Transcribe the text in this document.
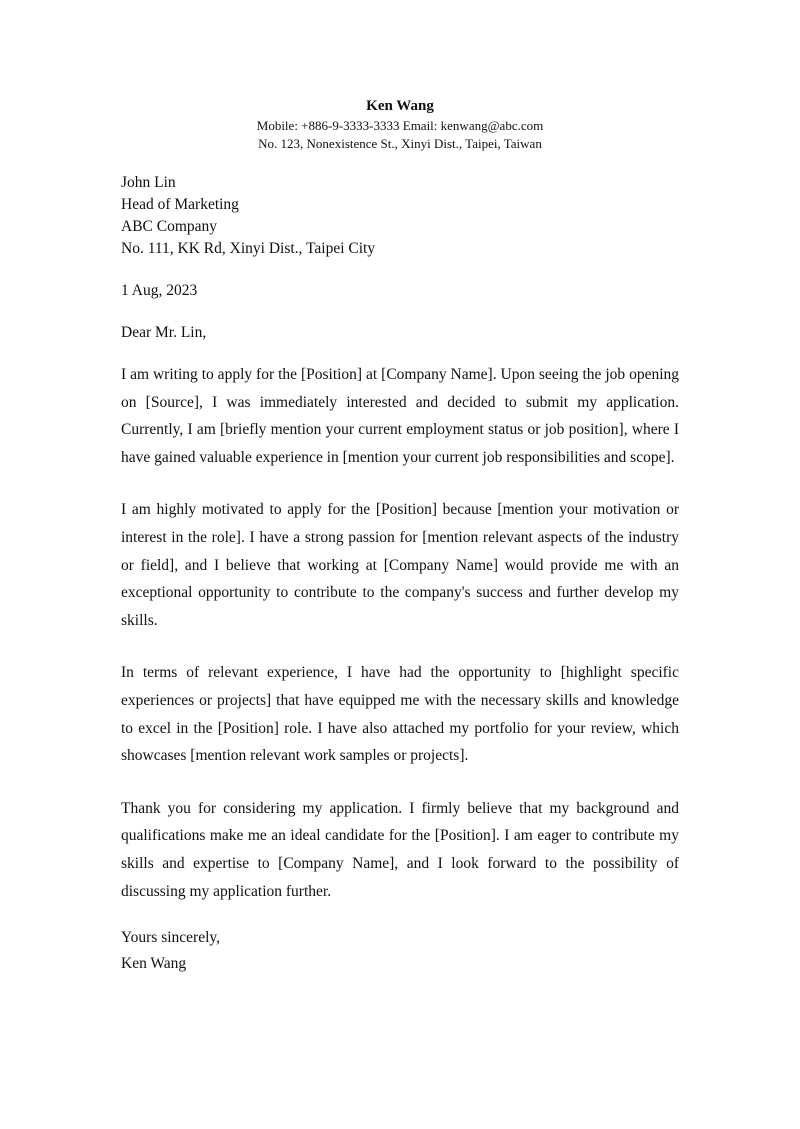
Ken Wang

Mobile: +886-9-3333-3333 Email: kenwang@abc.com

No. 123, Nonexistence St., Xinyi Dist., Taipei, Taiwan

John Lin

Head of Marketing

ABC Company

No. 111, KK Rd, Xinyi Dist., Taipei City

1 Aug, 2023

Dear Mr. Lin,

I am writing to apply for the [Position] at [Company Name]. Upon seeing the job opening on [Source], I was immediately interested and decided to submit my application. Currently, I am [briefly mention your current employment status or job position], where I have gained valuable experience in [mention your current job responsibilities and scope].

I am highly motivated to apply for the [Position] because [mention your motivation or interest in the role]. I have a strong passion for [mention relevant aspects of the industry or field], and I believe that working at [Company Name] would provide me with an exceptional opportunity to contribute to the company's success and further develop my skills.

In terms of relevant experience, I have had the opportunity to [highlight specific experiences or projects] that have equipped me with the necessary skills and knowledge to excel in the [Position] role. I have also attached my portfolio for your review, which showcases [mention relevant work samples or projects].

Thank you for considering my application. I firmly believe that my background and qualifications make me an ideal candidate for the [Position]. I am eager to contribute my skills and expertise to [Company Name], and I look forward to the possibility of discussing my application further.

Yours sincerely,

Ken Wang
